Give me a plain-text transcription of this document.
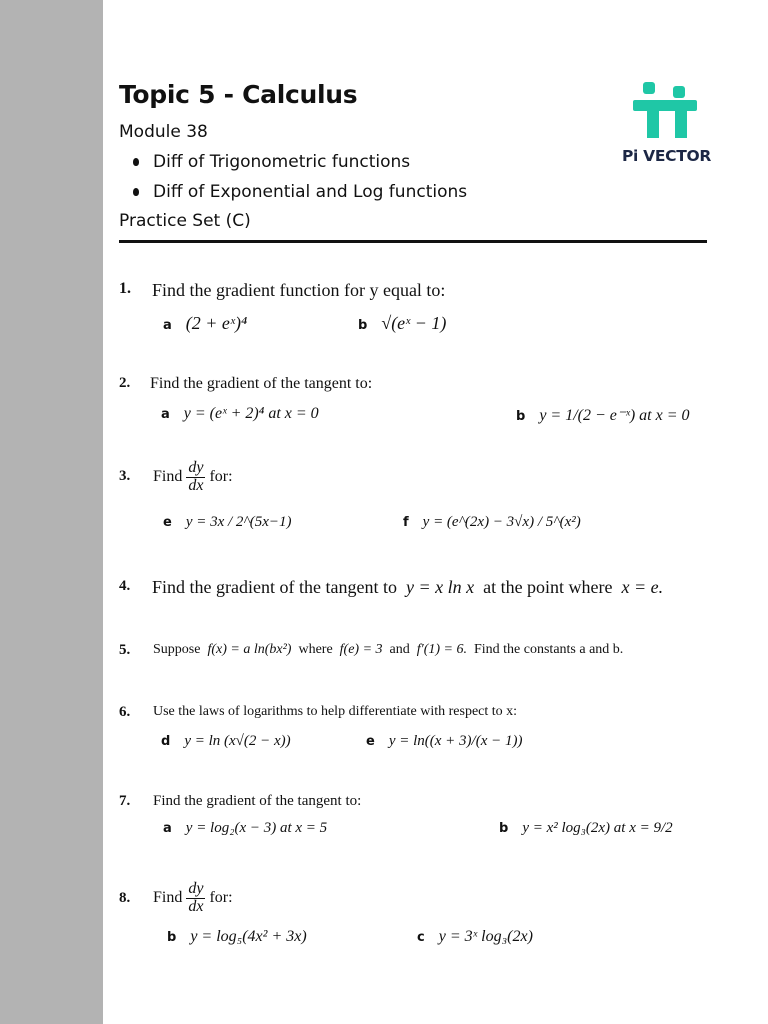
Topic 5 - Calculus
Module 38
Diff of Trigonometric functions
Diff of Exponential and Log functions
Practice Set (C)
Pi VECTOR
1. Find the gradient function for y equal to:
a (2 + eˣ)⁴	b √(eˣ − 1)
2. Find the gradient of the tangent to:
a y = (eˣ + 2)⁴ at x = 0	b y = 1/(2 − e⁻ˣ) at x = 0
3. Find $\frac{dy}{dx}$ for:
e y = 3x / 2^(5x−1)	f y = (e^(2x) − 3√x) / 5^(x²)
4. Find the gradient of the tangent to y = x ln x at the point where x = e.
5. Suppose f(x) = a ln(bx²) where f(e) = 3 and f′(1) = 6. Find the constants a and b.
6. Use the laws of logarithms to help differentiate with respect to x:
d y = ln (x√(2 − x))	e y = ln((x + 3)/(x − 1))
7. Find the gradient of the tangent to:
a y = log₂(x − 3) at x = 5	b y = x² log₃(2x) at x = 9/2
8. Find $\frac{dy}{dx}$ for:
b y = log₅(4x² + 3x)	c y = 3ˣ log₃(2x)
